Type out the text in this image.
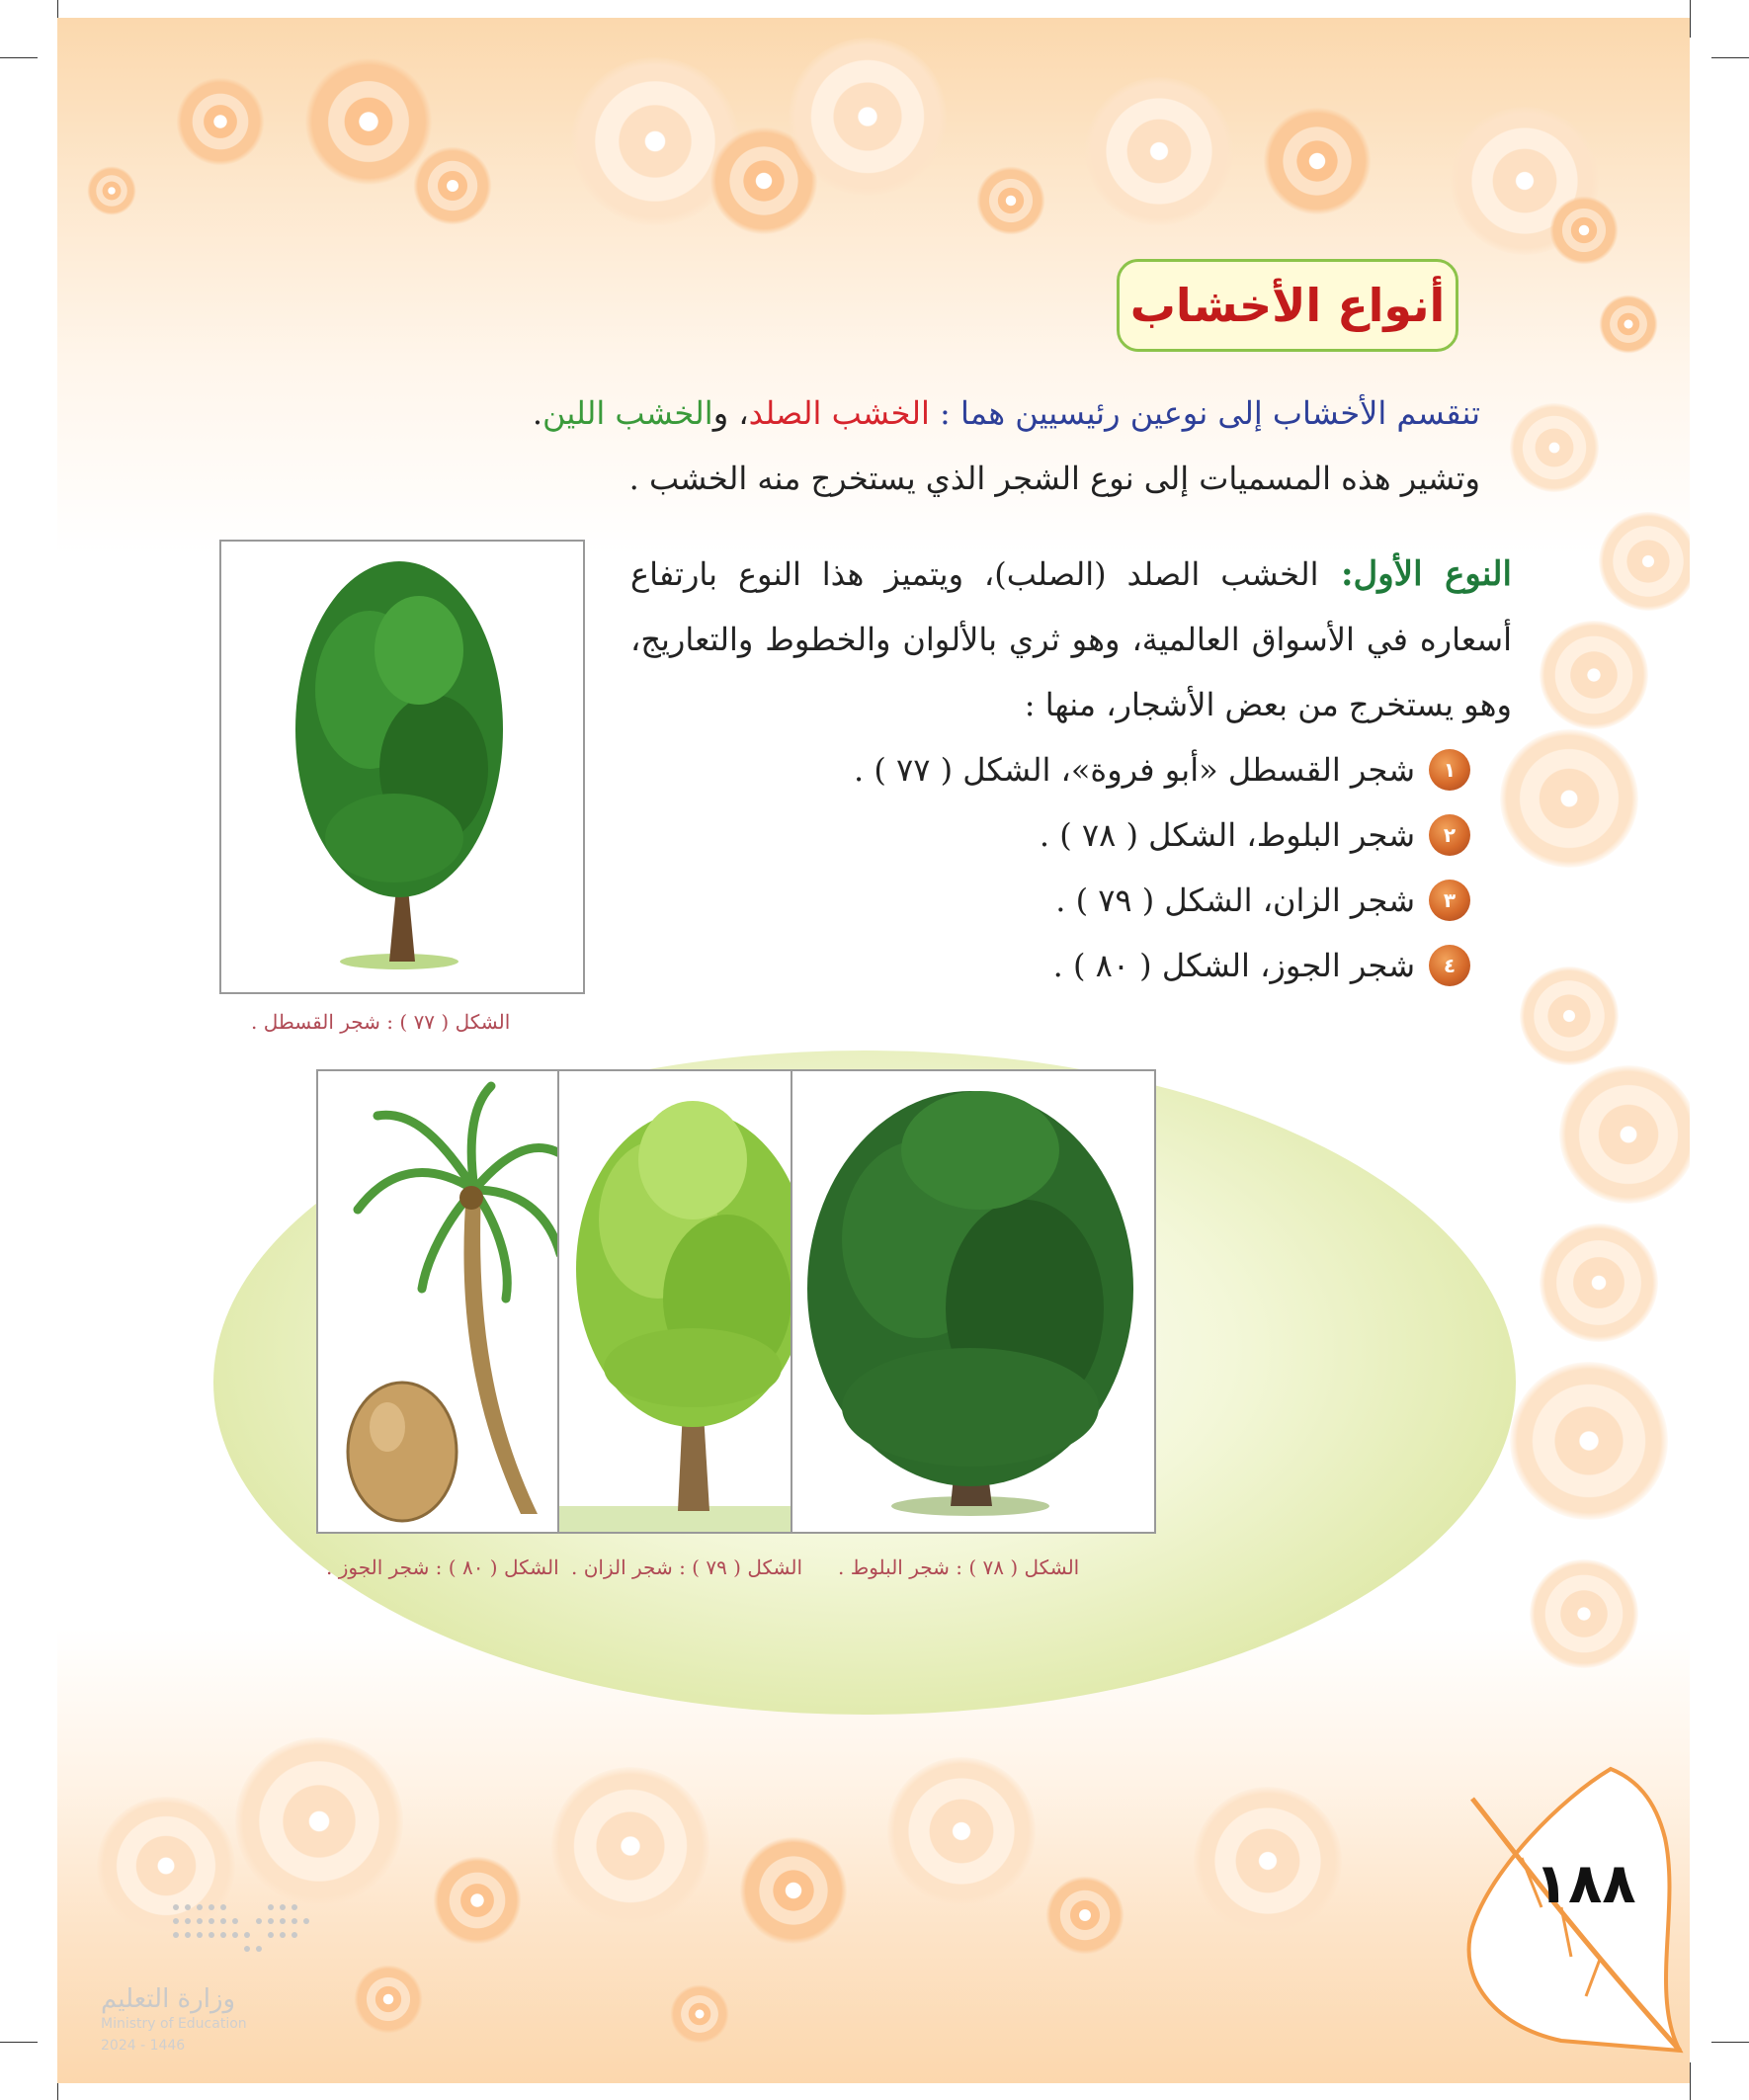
أنواع الأخشاب
تنقسم الأخشاب إلى نوعين رئيسيين هما : الخشب الصلد، والخشب اللين.
وتشير هذه المسميات إلى نوع الشجر الذي يستخرج منه الخشب .
النوع الأول: الخشب الصلد (الصلب)، ويتميز هذا النوع بارتفاع أسعاره في الأسواق العالمية، وهو ثري بالألوان والخطوط والتعاريج، وهو يستخرج من بعض الأشجار، منها :
١
شجر القسطل «أبو فروة»، الشكل ( ٧٧ ) .
٢
شجر البلوط، الشكل ( ٧٨ ) .
٣
شجر الزان، الشكل ( ٧٩ ) .
٤
شجر الجوز، الشكل ( ٨٠ ) .
الشكل ( ٧٧ ) : شجر القسطل .
الشكل ( ٨٠ ) : شجر الجوز . الشكل ( ٧٩ ) : شجر الزان . الشكل ( ٧٨ ) : شجر البلوط .
١٨٨
وزارة التعليم
Ministry of Education
2024 - 1446
